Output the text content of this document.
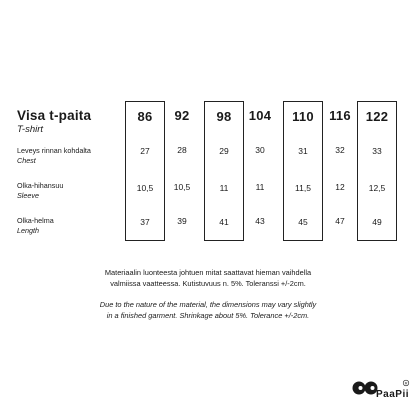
Visa t-paita
T-shirt
Leveys rinnan kohdalta
Chest
Olka-hihansuu
Sleeve
Olka-helma
Length
86
27
10,5
37
92
28
10,5
39
98
29
11
41
104
30
11
43
110
31
11,5
45
116
32
12
47
122
33
12,5
49
Materiaalin luonteesta johtuen mitat saattavat hieman vaihdella
valmiissa vaatteessa. Kutistuvuus n. 5%. Toleranssi +/-2cm.
Due to the nature of the material, the dimensions may vary slightly
in a finished garment. Shrinkage about 5%. Tolerance +/-2cm.
R
PaaPii
